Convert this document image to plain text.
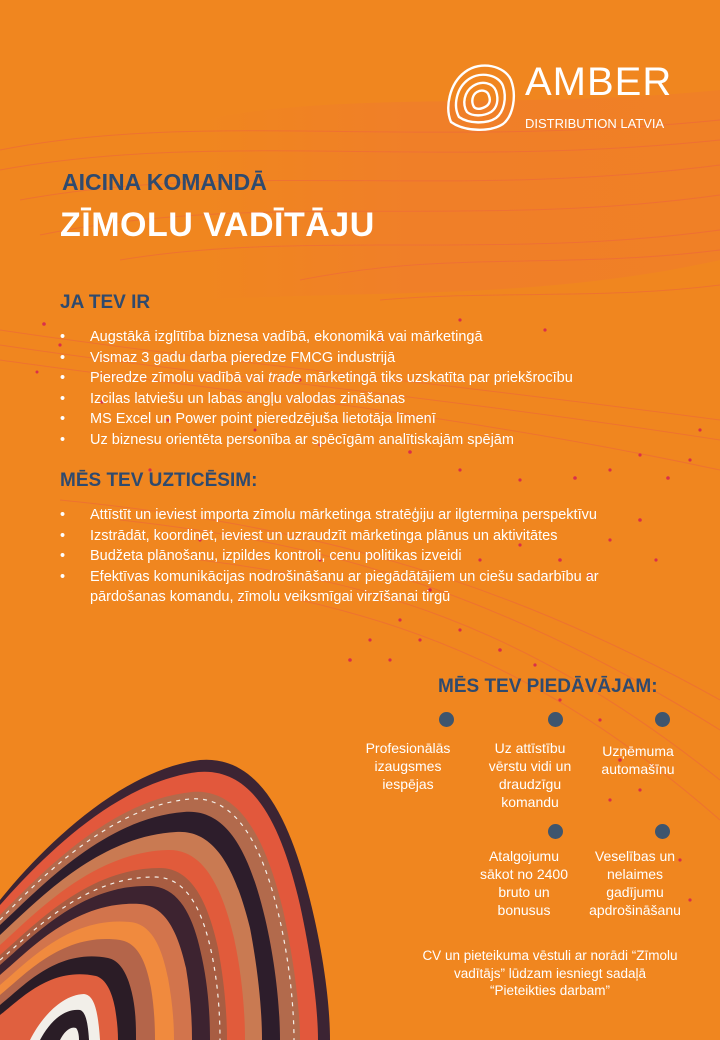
AMBER
DISTRIBUTION LATVIA
AICINA KOMANDĀ
ZĪMOLU VADĪTĀJU
JA TEV IR
• Augstākā izglītība biznesa vadībā, ekonomikā vai mārketingā
• Vismaz 3 gadu darba pieredze FMCG industrijā
• Pieredze zīmolu vadībā vai trade mārketingā tiks uzskatīta par priekšrocību
• Izcilas latviešu un labas angļu valodas zināšanas
• MS Excel un Power point pieredzējuša lietotāja līmenī
• Uz biznesu orientēta personība ar spēcīgām analītiskajām spējām
MĒS TEV UZTICĒSIM:
• Attīstīt un ieviest importa zīmolu mārketinga stratēģiju ar ilgtermiņa perspektīvu
• Izstrādāt, koordinēt, ieviest un uzraudzīt mārketinga plānus un aktivitātes
• Budžeta plānošanu, izpildes kontroli, cenu politikas izveidi
• Efektīvas komunikācijas nodrošināšanu ar piegādātājiem un ciešu sadarbību ar pārdošanas komandu, zīmolu veiksmīgai virzīšanai tirgū
MĒS TEV PIEDĀVĀJAM:
Profesionālās izaugsmes iespējas
Uz attīstību vērstu vidi un draudzīgu komandu
Uzņēmuma automašīnu
Atalgojumu sākot no 2400 bruto un bonusus
Veselības un nelaimes gadījumu apdrošināšanu
CV un pieteikuma vēstuli ar norādi “Zīmolu vadītājs” lūdzam iesniegt sadaļā “Pieteikties darbam”
